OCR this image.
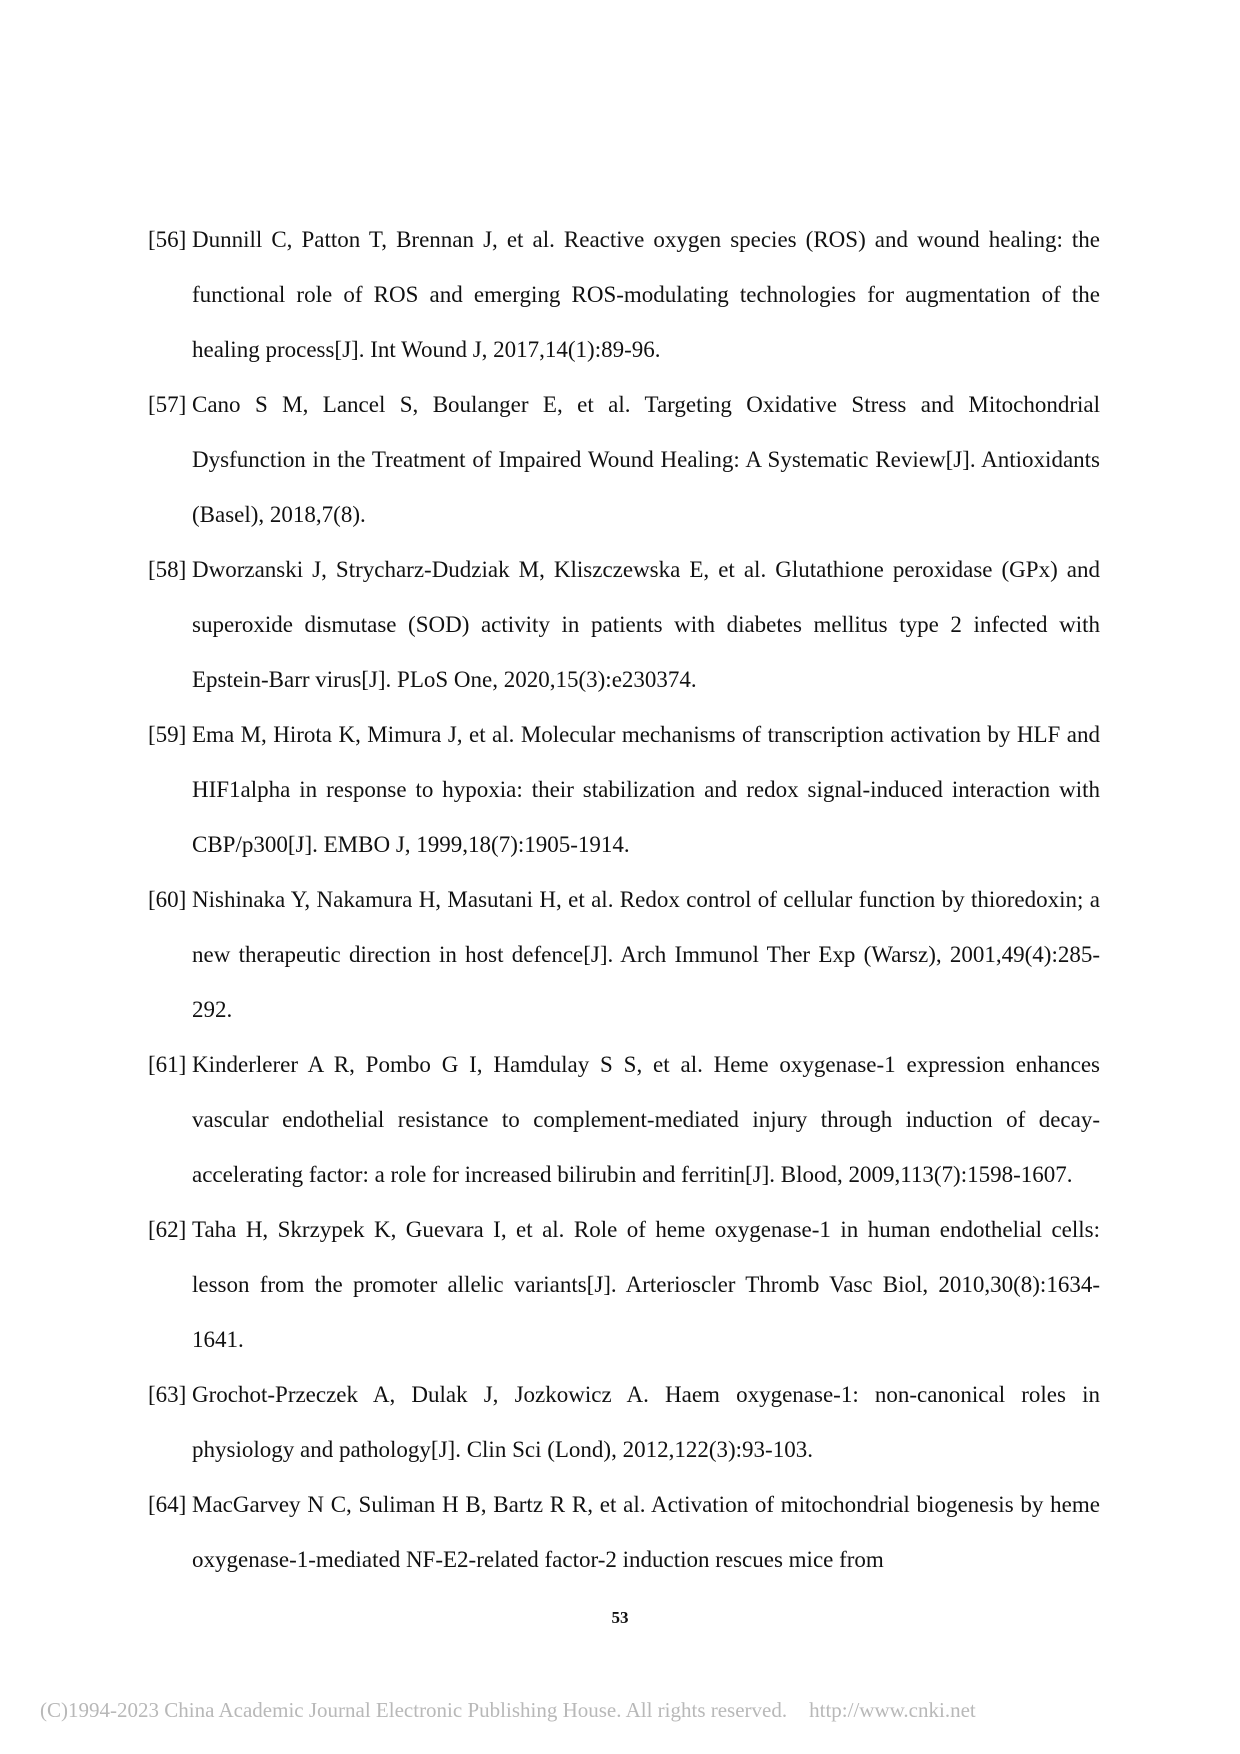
[56] Dunnill C, Patton T, Brennan J, et al. Reactive oxygen species (ROS) and wound healing: the functional role of ROS and emerging ROS-modulating technologies for augmentation of the healing process[J]. Int Wound J, 2017,14(1):89-96.
[57] Cano S M, Lancel S, Boulanger E, et al. Targeting Oxidative Stress and Mitochondrial Dysfunction in the Treatment of Impaired Wound Healing: A Systematic Review[J]. Antioxidants (Basel), 2018,7(8).
[58] Dworzanski J, Strycharz-Dudziak M, Kliszczewska E, et al. Glutathione peroxidase (GPx) and superoxide dismutase (SOD) activity in patients with diabetes mellitus type 2 infected with Epstein-Barr virus[J]. PLoS One, 2020,15(3):e230374.
[59] Ema M, Hirota K, Mimura J, et al. Molecular mechanisms of transcription activation by HLF and HIF1alpha in response to hypoxia: their stabilization and redox signal-induced interaction with CBP/p300[J]. EMBO J, 1999,18(7):1905-1914.
[60] Nishinaka Y, Nakamura H, Masutani H, et al. Redox control of cellular function by thioredoxin; a new therapeutic direction in host defence[J]. Arch Immunol Ther Exp (Warsz), 2001,49(4):285-292.
[61] Kinderlerer A R, Pombo G I, Hamdulay S S, et al. Heme oxygenase-1 expression enhances vascular endothelial resistance to complement-mediated injury through induction of decay-accelerating factor: a role for increased bilirubin and ferritin[J]. Blood, 2009,113(7):1598-1607.
[62] Taha H, Skrzypek K, Guevara I, et al. Role of heme oxygenase-1 in human endothelial cells: lesson from the promoter allelic variants[J]. Arterioscler Thromb Vasc Biol, 2010,30(8):1634-1641.
[63] Grochot-Przeczek A, Dulak J, Jozkowicz A. Haem oxygenase-1: non-canonical roles in physiology and pathology[J]. Clin Sci (Lond), 2012,122(3):93-103.
[64] MacGarvey N C, Suliman H B, Bartz R R, et al. Activation of mitochondrial biogenesis by heme oxygenase-1-mediated NF-E2-related factor-2 induction rescues mice from
53
(C)1994-2023 China Academic Journal Electronic Publishing House. All rights reserved. http://www.cnki.net
